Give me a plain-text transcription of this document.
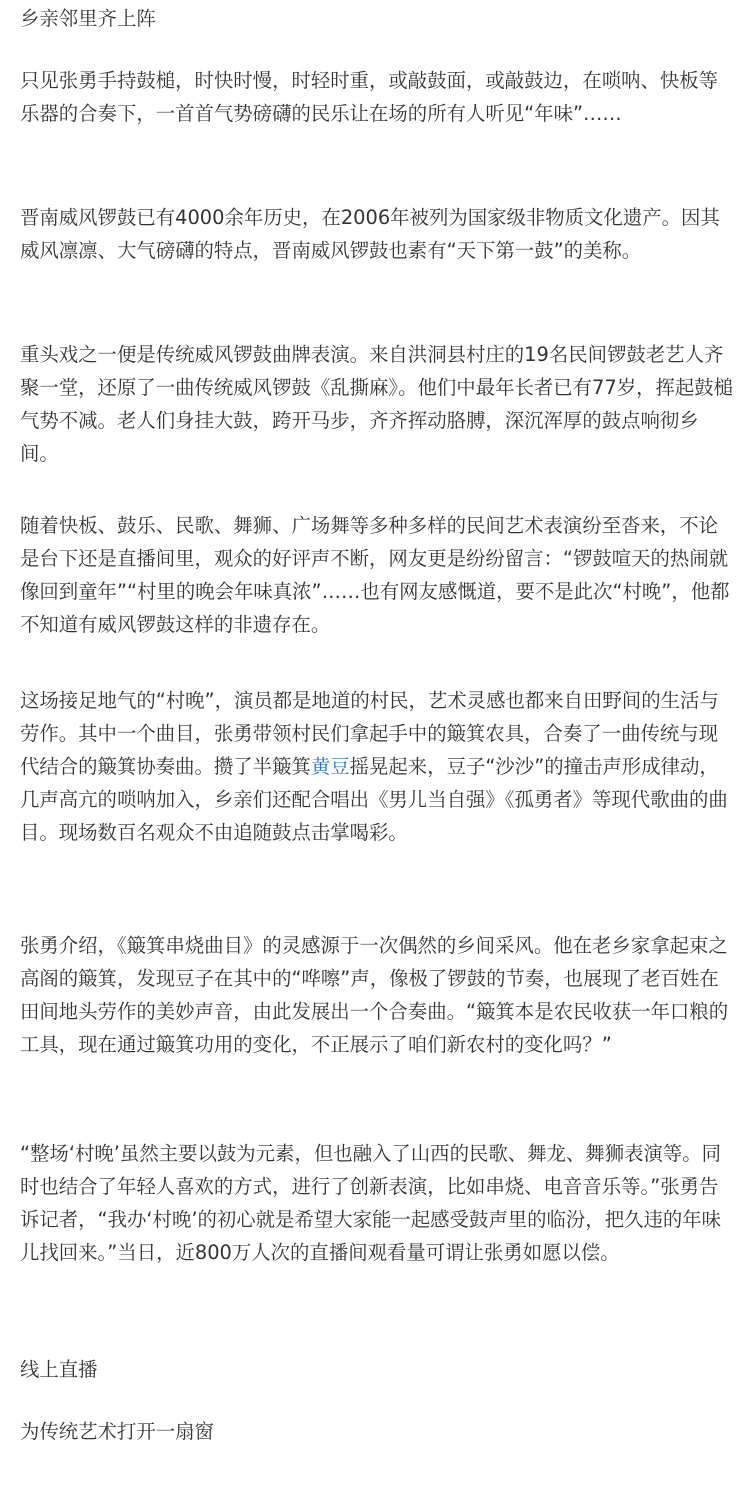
乡亲邻里齐上阵

只见张勇手持鼓槌，时快时慢，时轻时重，或敲鼓面，或敲鼓边，在唢呐、快板等乐器的合奏下，一首首气势磅礴的民乐让在场的所有人听见“年味”……

晋南威风锣鼓已有4000余年历史，在2006年被列为国家级非物质文化遗产。因其威风凛凛、大气磅礴的特点，晋南威风锣鼓也素有“天下第一鼓”的美称。

重头戏之一便是传统威风锣鼓曲牌表演。来自洪洞县村庄的19名民间锣鼓老艺人齐聚一堂，还原了一曲传统威风锣鼓《乱撕麻》。他们中最年长者已有77岁，挥起鼓槌气势不减。老人们身挂大鼓，跨开马步，齐齐挥动胳膊，深沉浑厚的鼓点响彻乡间。

随着快板、鼓乐、民歌、舞狮、广场舞等多种多样的民间艺术表演纷至沓来，不论是台下还是直播间里，观众的好评声不断，网友更是纷纷留言：“锣鼓喧天的热闹就像回到童年”“村里的晚会年味真浓”……也有网友感慨道，要不是此次“村晚”，他都不知道有威风锣鼓这样的非遗存在。

这场接足地气的“村晚”，演员都是地道的村民，艺术灵感也都来自田野间的生活与劳作。其中一个曲目，张勇带领村民们拿起手中的簸箕农具，合奏了一曲传统与现代结合的簸箕协奏曲。攒了半簸箕黄豆摇晃起来，豆子“沙沙”的撞击声形成律动，几声高亢的唢呐加入，乡亲们还配合唱出《男儿当自强》《孤勇者》等现代歌曲的曲目。现场数百名观众不由追随鼓点击掌喝彩。

张勇介绍，《簸箕串烧曲目》的灵感源于一次偶然的乡间采风。他在老乡家拿起束之高阁的簸箕，发现豆子在其中的“哗嚓”声，像极了锣鼓的节奏，也展现了老百姓在田间地头劳作的美妙声音，由此发展出一个合奏曲。“簸箕本是农民收获一年口粮的工具，现在通过簸箕功用的变化，不正展示了咱们新农村的变化吗？”

“整场‘村晚’虽然主要以鼓为元素，但也融入了山西的民歌、舞龙、舞狮表演等。同时也结合了年轻人喜欢的方式，进行了创新表演，比如串烧、电音音乐等。”张勇告诉记者，“我办‘村晚’的初心就是希望大家能一起感受鼓声里的临汾，把久违的年味儿找回来。”当日，近800万人次的直播间观看量可谓让张勇如愿以偿。

线上直播

为传统艺术打开一扇窗
